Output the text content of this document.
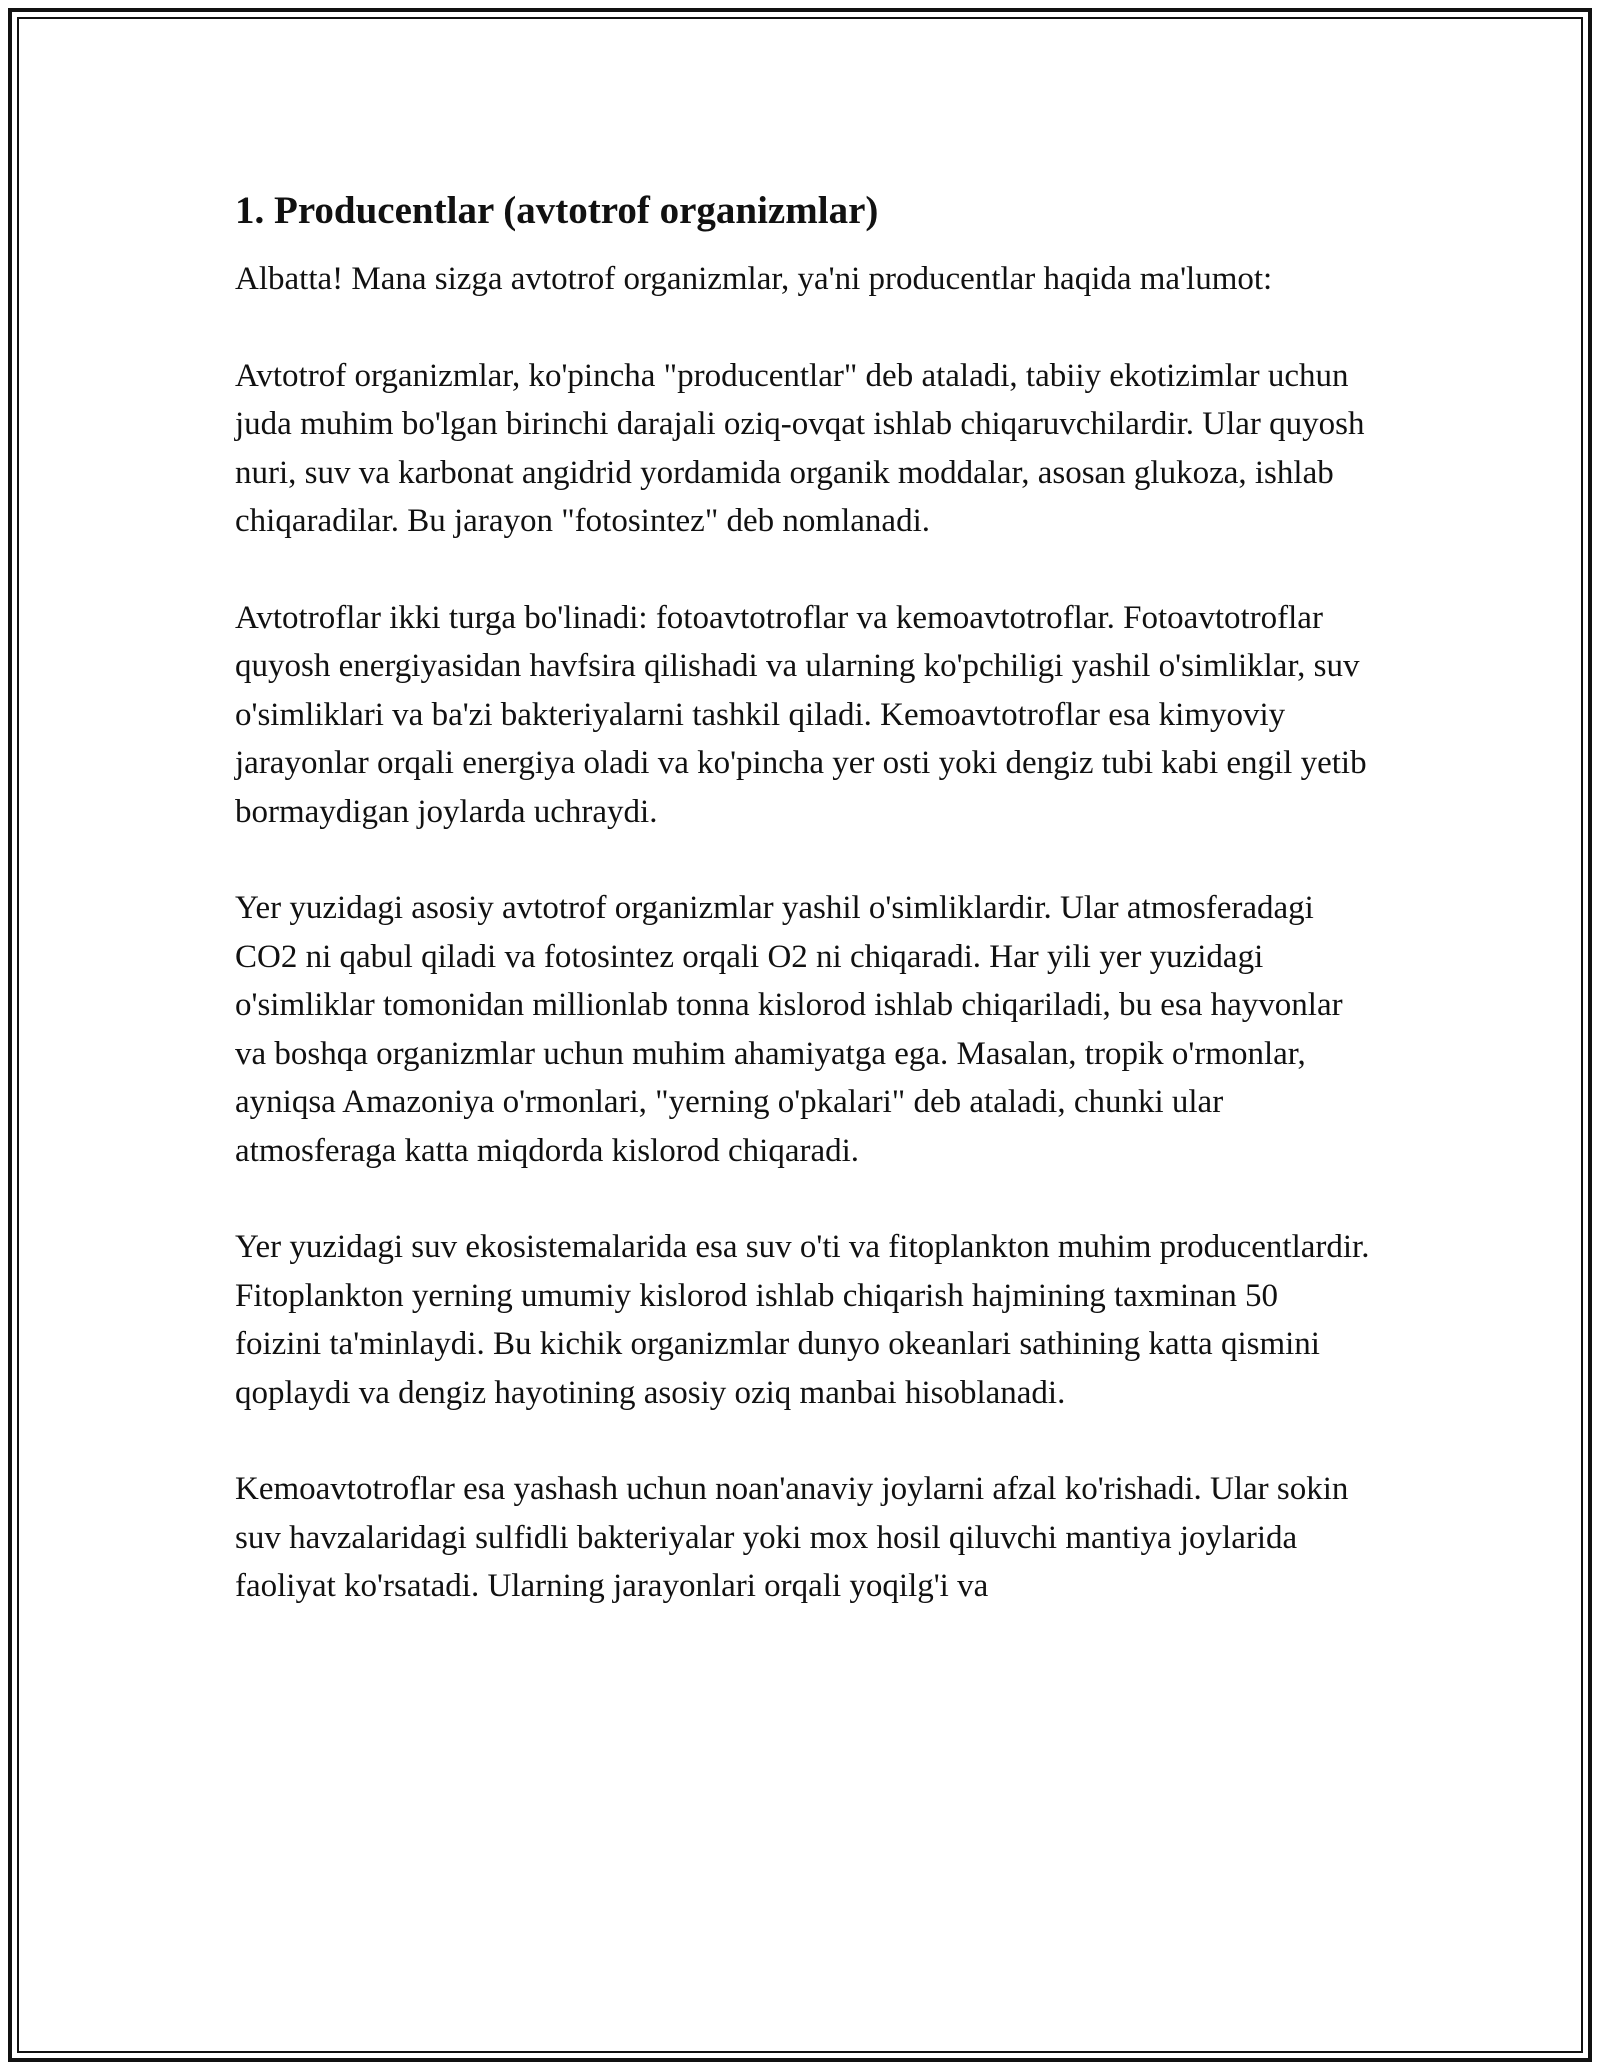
1. Producentlar (avtotrof organizmlar)

Albatta! Mana sizga avtotrof organizmlar, ya'ni producentlar haqida ma'lumot:

Avtotrof organizmlar, ko'pincha "producentlar" deb ataladi, tabiiy ekotizimlar uchun juda muhim bo'lgan birinchi darajali oziq-ovqat ishlab chiqaruvchilardir. Ular quyosh nuri, suv va karbonat angidrid yordamida organik moddalar, asosan glukoza, ishlab chiqaradilar. Bu jarayon "fotosintez" deb nomlanadi.

Avtotroflar ikki turga bo'linadi: fotoavtotroflar va kemoavtotroflar. Fotoavtotroflar quyosh energiyasidan havfsira qilishadi va ularning ko'pchiligi yashil o'simliklar, suv o'simliklari va ba'zi bakteriyalarni tashkil qiladi. Kemoavtotroflar esa kimyoviy jarayonlar orqali energiya oladi va ko'pincha yer osti yoki dengiz tubi kabi engil yetib bormaydigan joylarda uchraydi.

Yer yuzidagi asosiy avtotrof organizmlar yashil o'simliklardir. Ular atmosferadagi CO2 ni qabul qiladi va fotosintez orqali O2 ni chiqaradi. Har yili yer yuzidagi o'simliklar tomonidan millionlab tonna kislorod ishlab chiqariladi, bu esa hayvonlar va boshqa organizmlar uchun muhim ahamiyatga ega. Masalan, tropik o'rmonlar, ayniqsa Amazoniya o'rmonlari, "yerning o'pkalari" deb ataladi, chunki ular atmosferaga katta miqdorda kislorod chiqaradi.

Yer yuzidagi suv ekosistemalarida esa suv o'ti va fitoplankton muhim producentlardir. Fitoplankton yerning umumiy kislorod ishlab chiqarish hajmining taxminan 50 foizini ta'minlaydi. Bu kichik organizmlar dunyo okeanlari sathining katta qismini qoplaydi va dengiz hayotining asosiy oziq manbai hisoblanadi.

Kemoavtotroflar esa yashash uchun noan'anaviy joylarni afzal ko'rishadi. Ular sokin suv havzalaridagi sulfidli bakteriyalar yoki mox hosil qiluvchi mantiya joylarida faoliyat ko'rsatadi. Ularning jarayonlari orqali yoqilg'i va
